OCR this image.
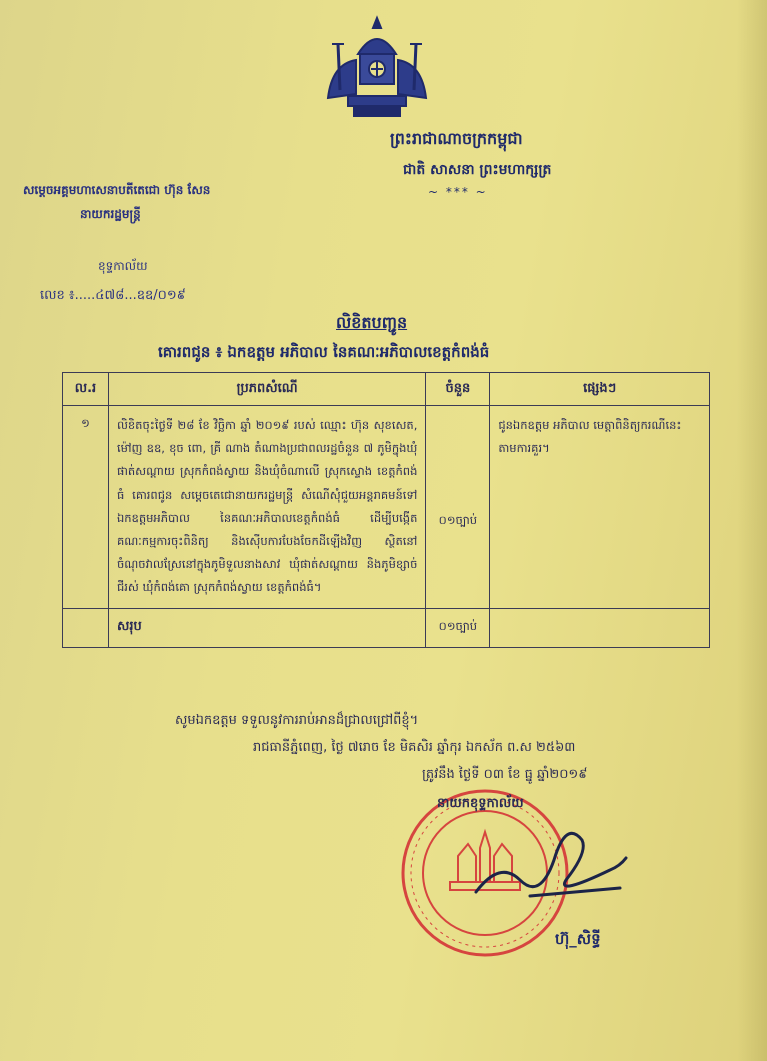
ព្រះរាជាណាចក្រកម្ពុជា
ជាតិ សាសនា ព្រះមហាក្សត្រ
~ *** ~
សម្តេចអគ្គមហាសេនាបតីតេជោ ហ៊ុន សែន
នាយករដ្ឋមន្ត្រី
ខុទ្ទកាល័យ
លេខ ៖.....៤៧៨...ឧឧ/០១៩
លិខិតបញ្ជូន
គោរពជូន ៖ ឯកឧត្តម អភិបាល នៃគណៈអភិបាលខេត្តកំពង់ធំ
ល.រ	ប្រភពសំណើ	ចំនួន	ផ្សេងៗ
១	លិខិតចុះថ្ងៃទី ២៨ ខែ វិច្ឆិកា ឆ្នាំ ២០១៩ របស់ ឈ្មោះ ហ៊ុន សុខសេត, ម៉ៅញ ឧឧ, ខុច ពោ, គ្រី ណាង តំណាងប្រជាពលរដ្ឋចំនួន ៧ ភូមិក្នុងឃុំផាត់សណ្តាយ ស្រុកកំពង់ស្វាយ និងឃុំចំណាលើ ស្រុកស្ទោង ខេត្តកំពង់ធំ គោរពជូន សម្តេចតេជោនាយករដ្ឋមន្ត្រី សំណើសុំជួយអន្តរាគមន៍ទៅឯកឧត្តមអភិបាល នៃគណៈអភិបាលខេត្តកំពង់ធំ ដើម្បីបង្កើតគណៈកម្មការចុះពិនិត្យ និងស៊ើបការបែងចែកដីឡើងវិញ ស្ថិតនៅចំណុចវាលស្រែនៅក្នុងភូមិទួលនាងសាវ ឃុំផាត់សណ្តាយ និងភូមិខ្សាច់ជីរស់ ឃុំកំពង់គោ ស្រុកកំពង់ស្វាយ ខេត្តកំពង់ធំ។	០១ច្បាប់	ជូនឯកឧត្តម អភិបាល មេត្តាពិនិត្យករណីនេះ តាមការគួរ។
	សរុប	០១ច្បាប់	
សូមឯកឧត្តម ទទួលនូវការរាប់អានដ៏ជ្រាលជ្រៅពីខ្ញុំ។
រាជធានីភ្នំពេញ, ថ្ងៃ ៧រោច ខែ មិគសិរ ឆ្នាំកុរ ឯកស័ក ព.ស ២៥៦៣
ត្រូវនឹង ថ្ងៃទី ០៣ ខែ ធ្នូ ឆ្នាំ២០១៩
នាយកខុទ្ទកាល័យ
ហ៊ុ_សិទ្ធី
